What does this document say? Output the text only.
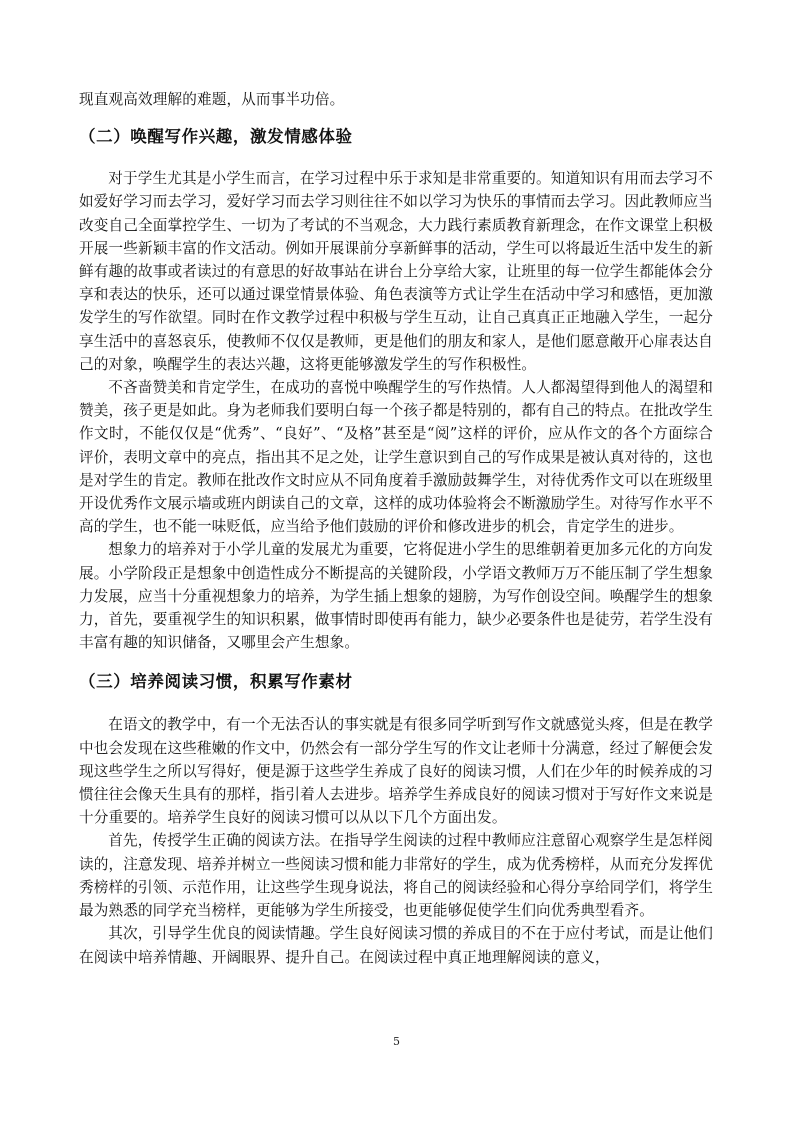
现直观高效理解的难题，从而事半功倍。

（二）唤醒写作兴趣，激发情感体验

对于学生尤其是小学生而言，在学习过程中乐于求知是非常重要的。知道知识有用而去学习不如爱好学习而去学习，爱好学习而去学习则往往不如以学习为快乐的事情而去学习。因此教师应当改变自己全面掌控学生、一切为了考试的不当观念，大力践行素质教育新理念，在作文课堂上积极开展一些新颖丰富的作文活动。例如开展课前分享新鲜事的活动，学生可以将最近生活中发生的新鲜有趣的故事或者读过的有意思的好故事站在讲台上分享给大家，让班里的每一位学生都能体会分享和表达的快乐，还可以通过课堂情景体验、角色表演等方式让学生在活动中学习和感悟，更加激发学生的写作欲望。同时在作文教学过程中积极与学生互动，让自己真真正正地融入学生，一起分享生活中的喜怒哀乐，使教师不仅仅是教师，更是他们的朋友和家人，是他们愿意敞开心扉表达自己的对象，唤醒学生的表达兴趣，这将更能够激发学生的写作积极性。

不吝啬赞美和肯定学生，在成功的喜悦中唤醒学生的写作热情。人人都渴望得到他人的渴望和赞美，孩子更是如此。身为老师我们要明白每一个孩子都是特别的，都有自己的特点。在批改学生作文时，不能仅仅是“优秀”、“良好”、“及格”甚至是“阅”这样的评价，应从作文的各个方面综合评价，表明文章中的亮点，指出其不足之处，让学生意识到自己的写作成果是被认真对待的，这也是对学生的肯定。教师在批改作文时应从不同角度着手激励鼓舞学生，对待优秀作文可以在班级里开设优秀作文展示墙或班内朗读自己的文章，这样的成功体验将会不断激励学生。对待写作水平不高的学生，也不能一味贬低，应当给予他们鼓励的评价和修改进步的机会，肯定学生的进步。

想象力的培养对于小学儿童的发展尤为重要，它将促进小学生的思维朝着更加多元化的方向发展。小学阶段正是想象中创造性成分不断提高的关键阶段，小学语文教师万万不能压制了学生想象力发展，应当十分重视想象力的培养，为学生插上想象的翅膀，为写作创设空间。唤醒学生的想象力，首先，要重视学生的知识积累，做事情时即使再有能力，缺少必要条件也是徒劳，若学生没有丰富有趣的知识储备，又哪里会产生想象。

（三）培养阅读习惯，积累写作素材

在语文的教学中，有一个无法否认的事实就是有很多同学听到写作文就感觉头疼，但是在教学中也会发现在这些稚嫩的作文中，仍然会有一部分学生写的作文让老师十分满意，经过了解便会发现这些学生之所以写得好，便是源于这些学生养成了良好的阅读习惯，人们在少年的时候养成的习惯往往会像天生具有的那样，指引着人去进步。培养学生养成良好的阅读习惯对于写好作文来说是十分重要的。培养学生良好的阅读习惯可以从以下几个方面出发。

首先，传授学生正确的阅读方法。在指导学生阅读的过程中教师应注意留心观察学生是怎样阅读的，注意发现、培养并树立一些阅读习惯和能力非常好的学生，成为优秀榜样，从而充分发挥优秀榜样的引领、示范作用，让这些学生现身说法，将自己的阅读经验和心得分享给同学们，将学生最为熟悉的同学充当榜样，更能够为学生所接受，也更能够促使学生们向优秀典型看齐。

其次，引导学生优良的阅读情趣。学生良好阅读习惯的养成目的不在于应付考试，而是让他们在阅读中培养情趣、开阔眼界、提升自己。在阅读过程中真正地理解阅读的意义，

5
